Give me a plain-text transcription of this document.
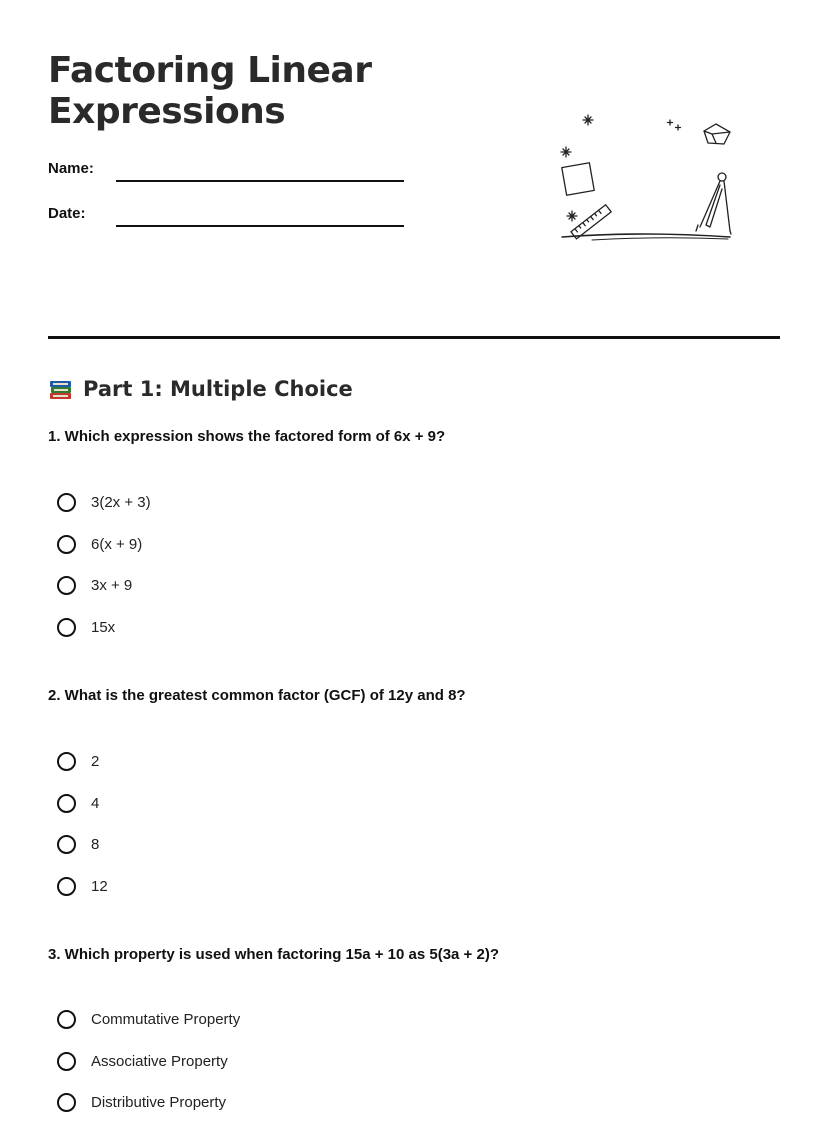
Factoring Linear Expressions
Name:
Date:
Part 1: Multiple Choice

1. Which expression shows the factored form of 6x + 9?

3(2x + 3)
6(x + 9)
3x + 9
15x

2. What is the greatest common factor (GCF) of 12y and 8?

2
4
8
12

3. Which property is used when factoring 15a + 10 as 5(3a + 2)?

Commutative Property
Associative Property
Distributive Property
